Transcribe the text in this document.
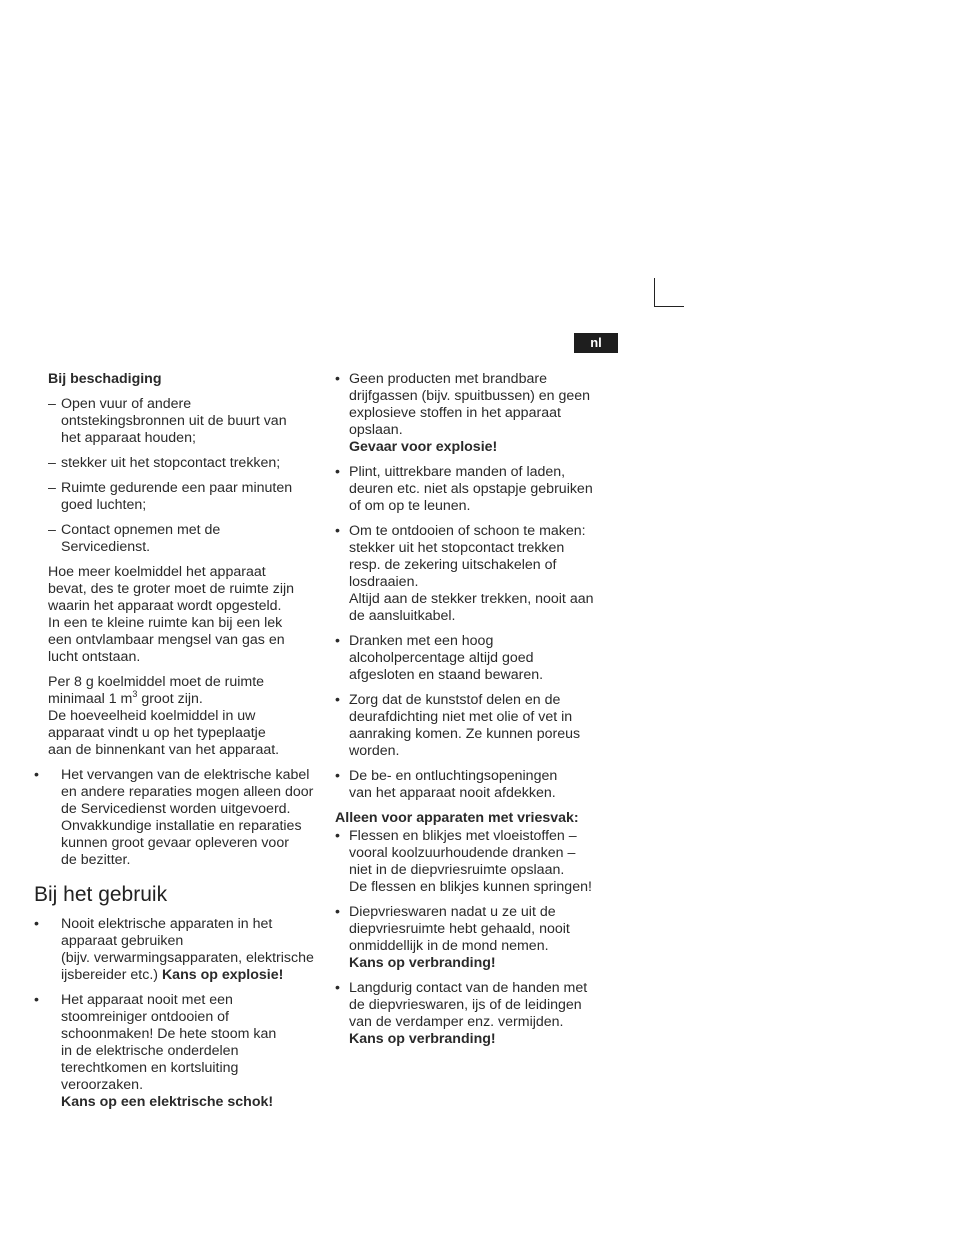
nl

Bij beschadiging

– Open vuur of andere
ontstekingsbronnen uit de buurt van
het apparaat houden;
– stekker uit het stopcontact trekken;
– Ruimte gedurende een paar minuten
goed luchten;
– Contact opnemen met de
Servicedienst.
Hoe meer koelmiddel het apparaat
bevat, des te groter moet de ruimte zijn
waarin het apparaat wordt opgesteld.
In een te kleine ruimte kan bij een lek
een ontvlambaar mengsel van gas en
lucht ontstaan.
Per 8 g koelmiddel moet de ruimte
minimaal 1 $m^3$ groot zijn.
De hoeveelheid koelmiddel in uw
apparaat vindt u op het typeplaatje
aan de binnenkant van het apparaat.
• Het vervangen van de elektrische kabel
en andere reparaties mogen alleen door
de Servicedienst worden uitgevoerd.
Onvakkundige installatie en reparaties
kunnen groot gevaar opleveren voor
de bezitter.
Bij het gebruik
• Nooit elektrische apparaten in het
apparaat gebruiken
(bijv. verwarmingsapparaten, elektrische
ijsbereider etc.) Kans op explosie!
• Het apparaat nooit met een
stoomreiniger ontdooien of
schoonmaken! De hete stoom kan
in de elektrische onderdelen
terechtkomen en kortsluiting
veroorzaken.
Kans op een elektrische schok!
• Geen producten met brandbare
drijfgassen (bijv. spuitbussen) en geen
explosieve stoffen in het apparaat
opslaan.
Gevaar voor explosie!
• Plint, uittrekbare manden of laden,
deuren etc. niet als opstapje gebruiken
of om op te leunen.
• Om te ontdooien of schoon te maken:
stekker uit het stopcontact trekken
resp. de zekering uitschakelen of
losdraaien.
Altijd aan de stekker trekken, nooit aan
de aansluitkabel.
• Dranken met een hoog
alcoholpercentage altijd goed
afgesloten en staand bewaren.
• Zorg dat de kunststof delen en de
deurafdichting niet met olie of vet in
aanraking komen. Ze kunnen poreus
worden.
• De be- en ontluchtingsopeningen
van het apparaat nooit afdekken.

Alleen voor apparaten met vriesvak:

• Flessen en blikjes met vloeistoffen –
vooral koolzuurhoudende dranken –
niet in de diepvriesruimte opslaan.
De flessen en blikjes kunnen springen!
• Diepvrieswaren nadat u ze uit de
diepvriesruimte hebt gehaald, nooit
onmiddellijk in de mond nemen.
Kans op verbranding!
• Langdurig contact van de handen met
de diepvrieswaren, ijs of de leidingen
van de verdamper enz. vermijden.
Kans op verbranding!
